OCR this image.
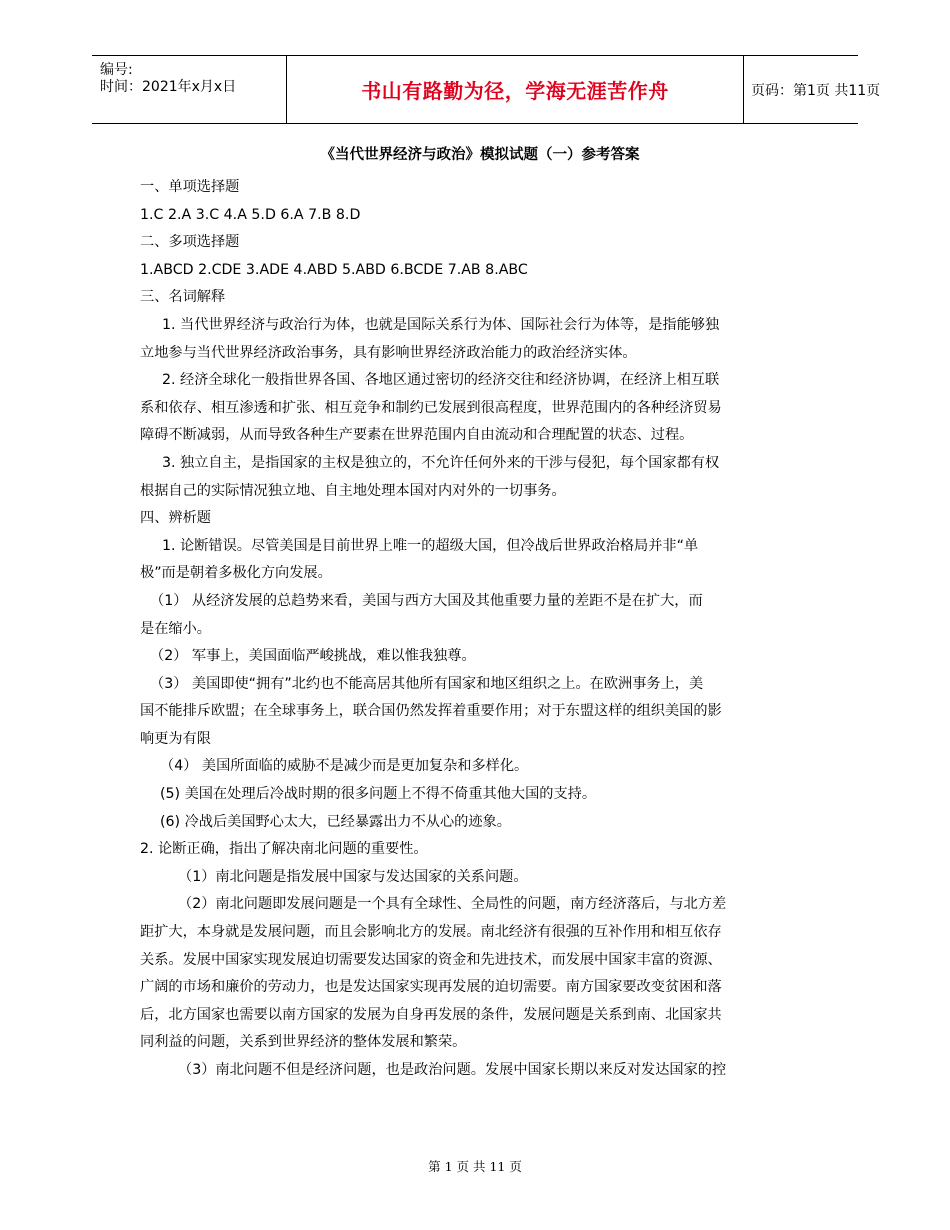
编号:
时间：2021年x月x日	书山有路勤为径，学海无涯苦作舟	页码：第1页 共11页
《当代世界经济与政治》模拟试题（一）参考答案

一、单项选择题

1.C 2.A 3.C 4.A 5.D 6.A 7.B 8.D

二、多项选择题

1.ABCD 2.CDE 3.ADE 4.ABD 5.ABD 6.BCDE 7.AB 8.ABC

三、名词解释

1. 当代世界经济与政治行为体，也就是国际关系行为体、国际社会行为体等，是指能够独

立地参与当代世界经济政治事务，具有影响世界经济政治能力的政治经济实体。

2. 经济全球化一般指世界各国、各地区通过密切的经济交往和经济协调，在经济上相互联

系和依存、相互渗透和扩张、相互竞争和制约已发展到很高程度，世界范围内的各种经济贸易

障碍不断减弱，从而导致各种生产要素在世界范围内自由流动和合理配置的状态、过程。

3. 独立自主，是指国家的主权是独立的，不允许任何外来的干涉与侵犯，每个国家都有权

根据自己的实际情况独立地、自主地处理本国对内对外的一切事务。

四、辨析题

1. 论断错误。尽管美国是目前世界上唯一的超级大国，但冷战后世界政治格局并非“单

极”而是朝着多极化方向发展。

（1） 从经济发展的总趋势来看，美国与西方大国及其他重要力量的差距不是在扩大，而

是在缩小。

（2） 军事上，美国面临严峻挑战，难以惟我独尊。

（3） 美国即使“拥有”北约也不能高居其他所有国家和地区组织之上。在欧洲事务上，美

国不能排斥欧盟；在全球事务上，联合国仍然发挥着重要作用；对于东盟这样的组织美国的影

响更为有限

（4） 美国所面临的威胁不是减少而是更加复杂和多样化。

(5) 美国在处理后冷战时期的很多问题上不得不倚重其他大国的支持。

(6) 冷战后美国野心太大，已经暴露出力不从心的迹象。

2. 论断正确，指出了解决南北问题的重要性。

（1）南北问题是指发展中国家与发达国家的关系问题。

（2）南北问题即发展问题是一个具有全球性、全局性的问题，南方经济落后，与北方差

距扩大，本身就是发展问题，而且会影响北方的发展。南北经济有很强的互补作用和相互依存

关系。发展中国家实现发展迫切需要发达国家的资金和先进技术，而发展中国家丰富的资源、

广阔的市场和廉价的劳动力，也是发达国家实现再发展的迫切需要。南方国家要改变贫困和落

后，北方国家也需要以南方国家的发展为自身再发展的条件，发展问题是关系到南、北国家共

同利益的问题，关系到世界经济的整体发展和繁荣。

（3）南北问题不但是经济问题，也是政治问题。发展中国家长期以来反对发达国家的控

第 1 页 共 11 页
